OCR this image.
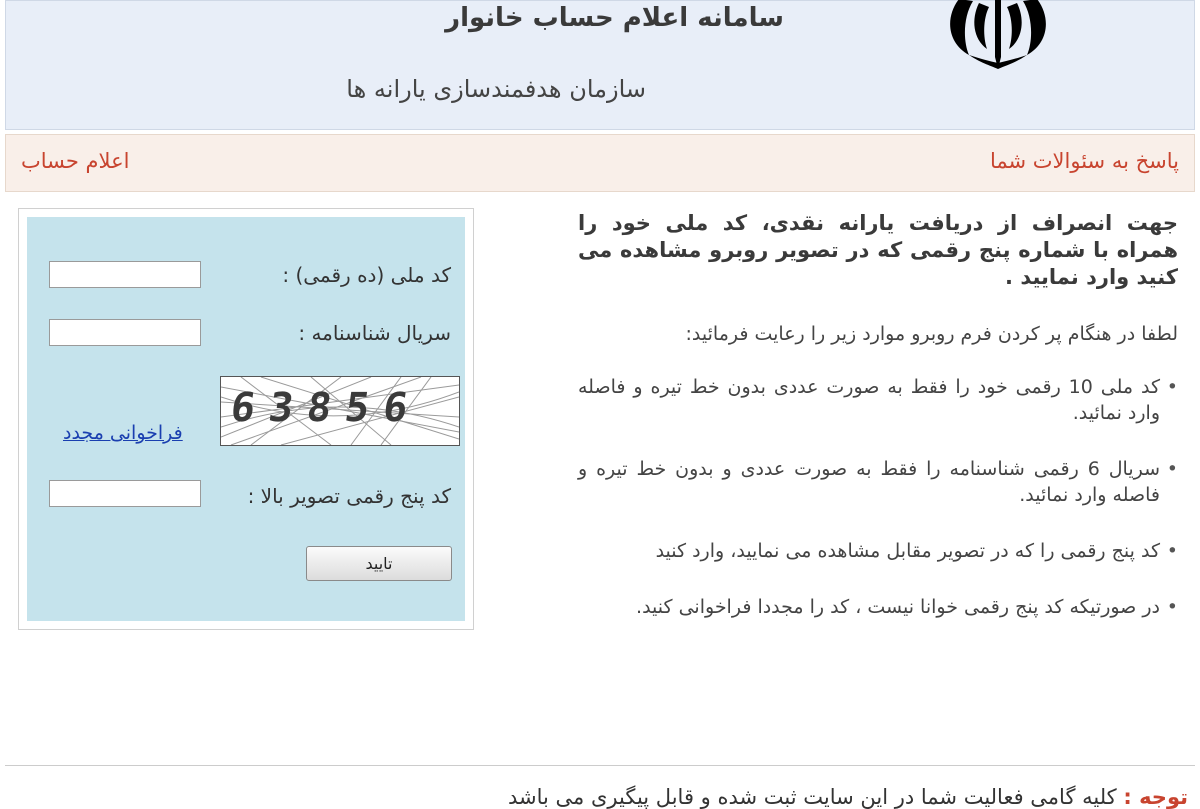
سامانه اعلام حساب خانوار
سازمان هدفمندسازی یارانه ها
پاسخ به سئوالات شما
اعلام حساب
کد ملی (ده رقمی) :
سریال شناسنامه :
63856
فراخوانی مجدد
کد پنج رقمی تصویر بالا :
تایید

جهت انصراف از دریافت یارانه نقدی، کد ملی خود را همراه با شماره پنج رقمی که در تصویر روبرو مشاهده می کنید وارد نمایید .

لطفا در هنگام پر کردن فرم روبرو موارد زیر را رعایت فرمائید:

•
کد ملی 10 رقمی خود را فقط به صورت عددی بدون خط تیره و فاصله وارد نمائید.
•
سریال 6 رقمی شناسنامه را فقط به صورت عددی و بدون خط تیره و فاصله وارد نمائید.
•
کد پنج رقمی را که در تصویر مقابل مشاهده می نمایید، وارد کنید
•
در صورتیکه کد پنج رقمی خوانا نیست ، کد را مجددا فراخوانی کنید.
توجه : کلیه گامی فعالیت شما در این سایت ثبت شده و قابل پیگیری می باشد
